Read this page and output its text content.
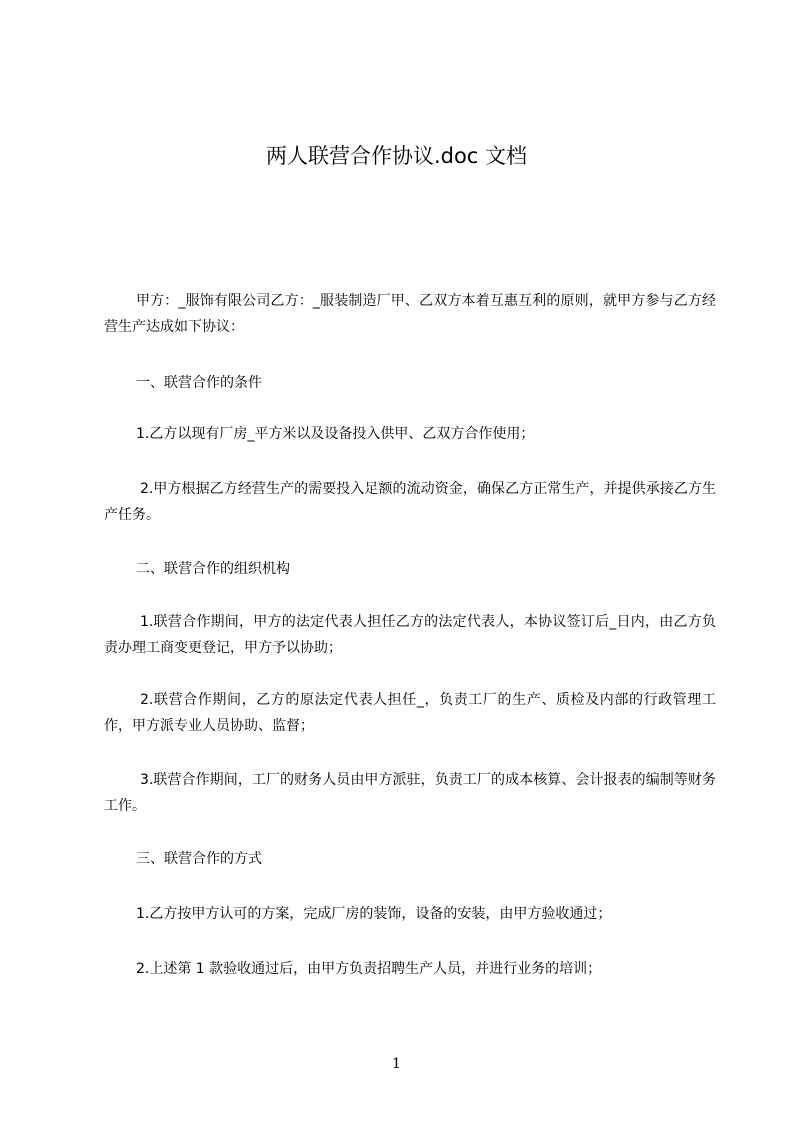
两人联营合作协议.doc 文档

甲方：_服饰有限公司乙方：_服装制造厂甲、乙双方本着互惠互利的原则，就甲方参与乙方经营生产达成如下协议：

一、联营合作的条件

1.乙方以现有厂房_平方米以及设备投入供甲、乙双方合作使用；

2.甲方根据乙方经营生产的需要投入足额的流动资金，确保乙方正常生产，并提供承接乙方生产任务。

二、联营合作的组织机构

1.联营合作期间，甲方的法定代表人担任乙方的法定代表人，本协议签订后_日内，由乙方负责办理工商变更登记，甲方予以协助；

2.联营合作期间，乙方的原法定代表人担任_，负责工厂的生产、质检及内部的行政管理工作，甲方派专业人员协助、监督；

3.联营合作期间，工厂的财务人员由甲方派驻，负责工厂的成本核算、会计报表的编制等财务工作。

三、联营合作的方式

1.乙方按甲方认可的方案，完成厂房的装饰，设备的安装，由甲方验收通过；

2.上述第 1 款验收通过后，由甲方负责招聘生产人员，并进行业务的培训；

1
